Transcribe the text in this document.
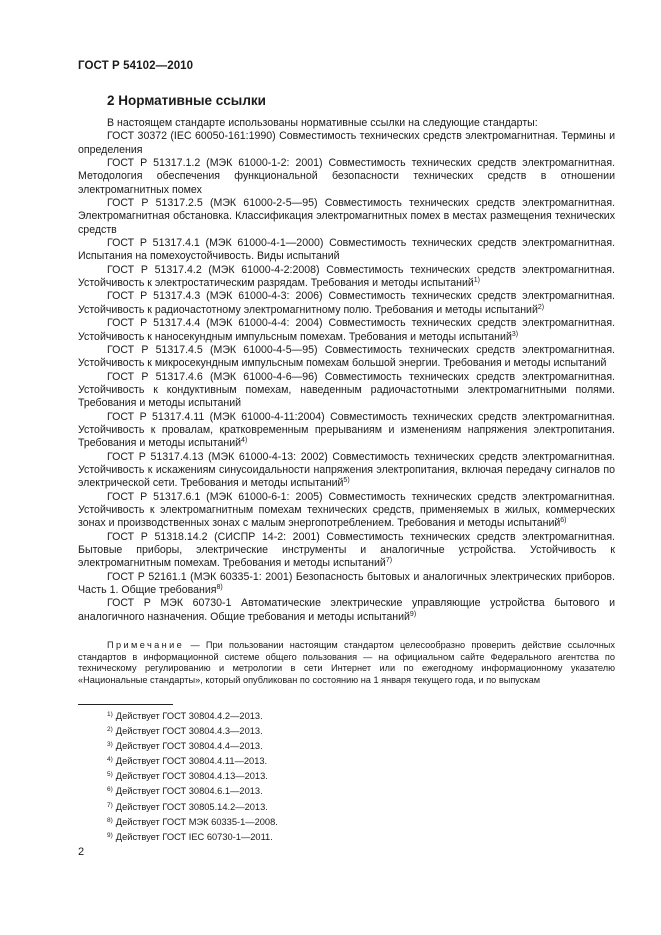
ГОСТ Р 54102—2010
2 Нормативные ссылки

В настоящем стандарте использованы нормативные ссылки на следующие стандарты:

ГОСТ 30372 (IEC 60050-161:1990) Совместимость технических средств электромагнитная. Термины и определения

ГОСТ Р 51317.1.2 (МЭК 61000-1-2: 2001) Совместимость технических средств электромагнитная. Методология обеспечения функциональной безопасности технических средств в отношении электромагнитных помех

ГОСТ Р 51317.2.5 (МЭК 61000-2-5—95) Совместимость технических средств электромагнитная. Электромагнитная обстановка. Классификация электромагнитных помех в местах размещения технических средств

ГОСТ Р 51317.4.1 (МЭК 61000-4-1—2000) Совместимость технических средств электромагнитная. Испытания на помехоустойчивость. Виды испытаний

ГОСТ Р 51317.4.2 (МЭК 61000-4-2:2008) Совместимость технических средств электромагнитная. Устойчивость к электростатическим разрядам. Требования и методы испытаний$^{1)}$

ГОСТ Р 51317.4.3 (МЭК 61000-4-3: 2006) Совместимость технических средств электромагнитная. Устойчивость к радиочастотному электромагнитному полю. Требования и методы испытаний$^{2)}$

ГОСТ Р 51317.4.4 (МЭК 61000-4-4: 2004) Совместимость технических средств электромагнитная. Устойчивость к наносекундным импульсным помехам. Требования и методы испытаний$^{3)}$

ГОСТ Р 51317.4.5 (МЭК 61000-4-5—95) Совместимость технических средств электромагнитная. Устойчивость к микросекундным импульсным помехам большой энергии. Требования и методы испытаний

ГОСТ Р 51317.4.6 (МЭК 61000-4-6—96) Совместимость технических средств электромагнитная. Устойчивость к кондуктивным помехам, наведенным радиочастотными электромагнитными полями. Требования и методы испытаний

ГОСТ Р 51317.4.11 (МЭК 61000-4-11:2004) Совместимость технических средств электромагнитная. Устойчивость к провалам, кратковременным прерываниям и изменениям напряжения электропитания. Требования и методы испытаний$^{4)}$

ГОСТ Р 51317.4.13 (МЭК 61000-4-13: 2002) Совместимость технических средств электромагнитная. Устойчивость к искажениям синусоидальности напряжения электропитания, включая передачу сигналов по электрической сети. Требования и методы испытаний$^{5)}$

ГОСТ Р 51317.6.1 (МЭК 61000-6-1: 2005) Совместимость технических средств электромагнитная. Устойчивость к электромагнитным помехам технических средств, применяемых в жилых, коммерческих зонах и производственных зонах с малым энергопотреблением. Требования и методы испытаний$^{6)}$

ГОСТ Р 51318.14.2 (СИСПР 14-2: 2001) Совместимость технических средств электромагнитная. Бытовые приборы, электрические инструменты и аналогичные устройства. Устойчивость к электромагнитным помехам. Требования и методы испытаний$^{7)}$

ГОСТ Р 52161.1 (МЭК 60335-1: 2001) Безопасность бытовых и аналогичных электрических приборов. Часть 1. Общие требования$^{8)}$

ГОСТ Р МЭК 60730-1 Автоматические электрические управляющие устройства бытового и аналогичного назначения. Общие требования и методы испытаний$^{9)}$

Примечание — При пользовании настоящим стандартом целесообразно проверить действие ссылочных стандартов в информационной системе общего пользования — на официальном сайте Федерального агентства по техническому регулированию и метрологии в сети Интернет или по ежегодному информационному указателю «Национальные стандарты», который опубликован по состоянию на 1 января текущего года, и по выпускам
$^{1)}$ Действует ГОСТ 30804.4.2—2013.
$^{2)}$ Действует ГОСТ 30804.4.3—2013.
$^{3)}$ Действует ГОСТ 30804.4.4—2013.
$^{4)}$ Действует ГОСТ 30804.4.11—2013.
$^{5)}$ Действует ГОСТ 30804.4.13—2013.
$^{6)}$ Действует ГОСТ 30804.6.1—2013.
$^{7)}$ Действует ГОСТ 30805.14.2—2013.
$^{8)}$ Действует ГОСТ МЭК 60335-1—2008.
$^{9)}$ Действует ГОСТ IEC 60730-1—2011.
2
